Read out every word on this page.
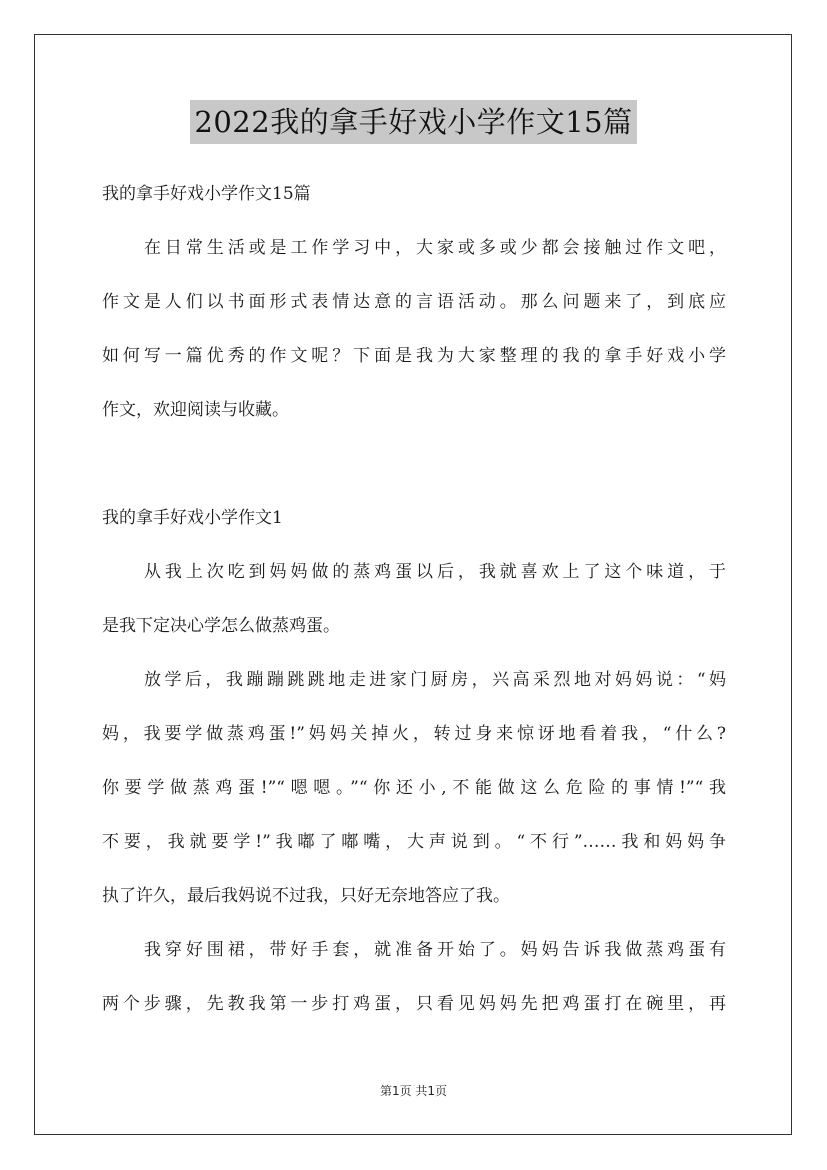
2022我的拿手好戏小学作文15篇
我的拿手好戏小学作文15篇
在日常生活或是工作学习中，大家或多或少都会接触过作文吧，
作文是人们以书面形式表情达意的言语活动。那么问题来了，到底应
如何写一篇优秀的作文呢？下面是我为大家整理的我的拿手好戏小学
作文，欢迎阅读与收藏。
我的拿手好戏小学作文1
从我上次吃到妈妈做的蒸鸡蛋以后，我就喜欢上了这个味道，于
是我下定决心学怎么做蒸鸡蛋。
放学后，我蹦蹦跳跳地走进家门厨房，兴高采烈地对妈妈说：“妈
妈，我要学做蒸鸡蛋!”妈妈关掉火，转过身来惊讶地看着我，“什么?
你要学做蒸鸡蛋!”“嗯嗯。”“你还小,不能做这么危险的事情!”“我
不要，我就要学!”我嘟了嘟嘴，大声说到。“不行”……我和妈妈争
执了许久，最后我妈说不过我，只好无奈地答应了我。
我穿好围裙，带好手套，就准备开始了。妈妈告诉我做蒸鸡蛋有
两个步骤，先教我第一步打鸡蛋，只看见妈妈先把鸡蛋打在碗里，再
第1页 共1页
